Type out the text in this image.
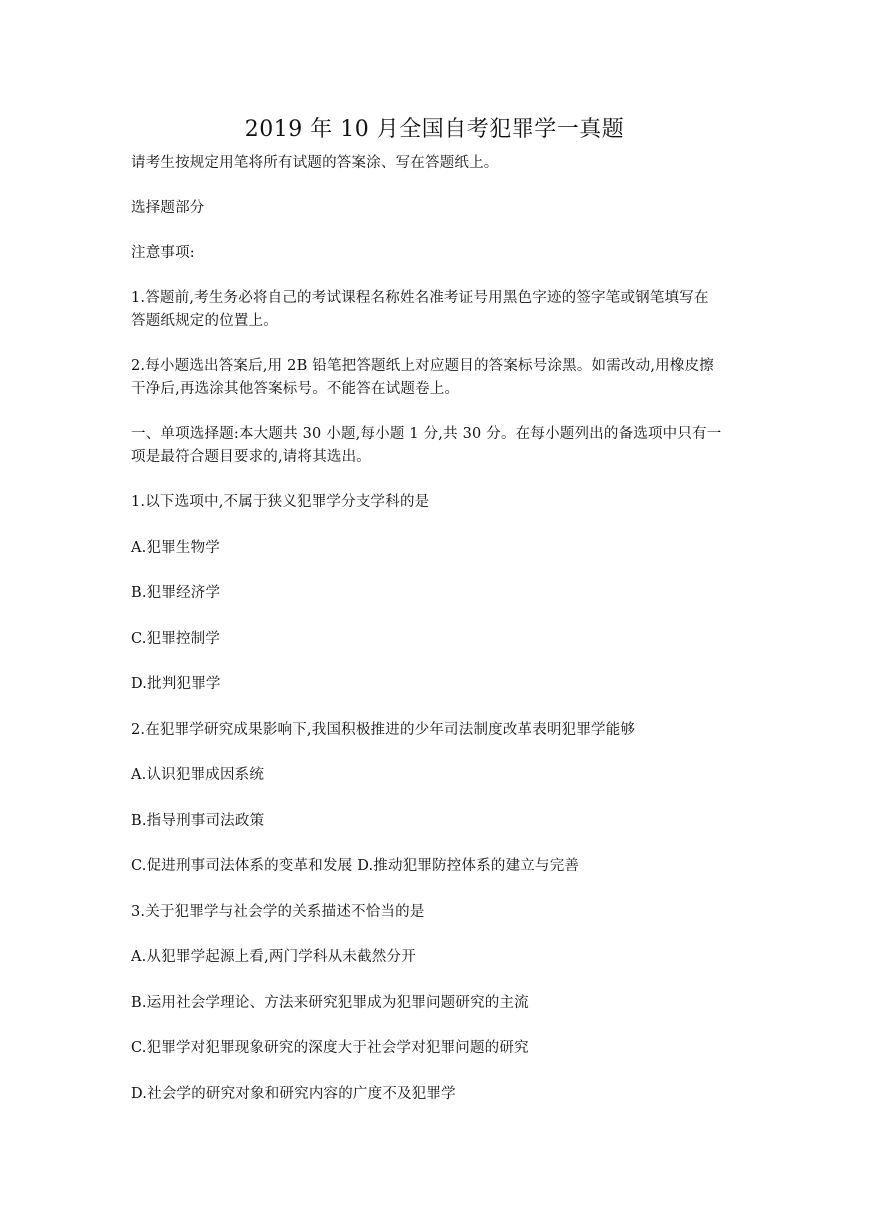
2019 年 10 月全国自考犯罪学一真题
请考生按规定用笔将所有试题的答案涂、写在答题纸上。
选择题部分
注意事项:
1.答题前,考生务必将自己的考试课程名称姓名准考证号用黑色字迹的签字笔或钢笔填写在
答题纸规定的位置上。
2.每小题选出答案后,用 2B 铅笔把答题纸上对应题目的答案标号涂黑。如需改动,用橡皮擦
干净后,再选涂其他答案标号。不能答在试题卷上。
一、单项选择题:本大题共 30 小题,每小题 1 分,共 30 分。在每小题列出的备选项中只有一
项是最符合题目要求的,请将其选出。
1.以下选项中,不属于狭义犯罪学分支学科的是
A.犯罪生物学
B.犯罪经济学
C.犯罪控制学
D.批判犯罪学
2.在犯罪学研究成果影响下,我国积极推进的少年司法制度改革表明犯罪学能够
A.认识犯罪成因系统
B.指导刑事司法政策
C.促进刑事司法体系的变革和发展 D.推动犯罪防控体系的建立与完善
3.关于犯罪学与社会学的关系描述不恰当的是
A.从犯罪学起源上看,两门学科从未截然分开
B.运用社会学理论、方法来研究犯罪成为犯罪问题研究的主流
C.犯罪学对犯罪现象研究的深度大于社会学对犯罪问题的研究
D.社会学的研究对象和研究内容的广度不及犯罪学
